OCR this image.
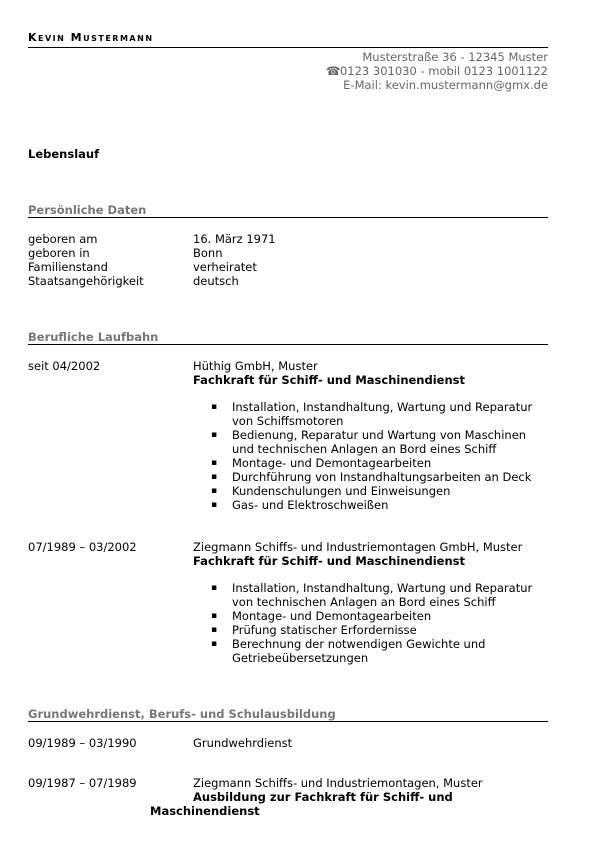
Kevin Mustermann
Musterstraße 36 - 12345 Muster
☎0123 301030 - mobil 0123 1001122
E-Mail: kevin.mustermann@gmx.de
Lebenslauf
Persönliche Daten
geboren am	16. März 1971
geboren in	Bonn
Familienstand	verheiratet
Staatsangehörigkeit	deutsch
Berufliche Laufbahn
seit 04/2002	Hüthig GmbH, Muster
Fachkraft für Schiff- und Maschinendienst
▪ Installation, Instandhaltung, Wartung und Reparatur von Schiffsmotoren
▪ Bedienung, Reparatur und Wartung von Maschinen und technischen Anlagen an Bord eines Schiff
▪ Montage- und Demontagearbeiten
▪ Durchführung von Instandhaltungsarbeiten an Deck
▪ Kundenschulungen und Einweisungen
▪ Gas- und Elektroschweißen
07/1989 – 03/2002	Ziegmann Schiffs- und Industriemontagen GmbH, Muster
Fachkraft für Schiff- und Maschinendienst
▪ Installation, Instandhaltung, Wartung und Reparatur von technischen Anlagen an Bord eines Schiff
▪ Montage- und Demontagearbeiten
▪ Prüfung statischer Erfordernisse
▪ Berechnung der notwendigen Gewichte und Getriebeübersetzungen
Grundwehrdienst, Berufs- und Schulausbildung
09/1989 – 03/1990	Grundwehrdienst
09/1987 – 07/1989	Ziegmann Schiffs- und Industriemontagen, Muster
Ausbildung zur Fachkraft für Schiff- und
Maschinendienst
